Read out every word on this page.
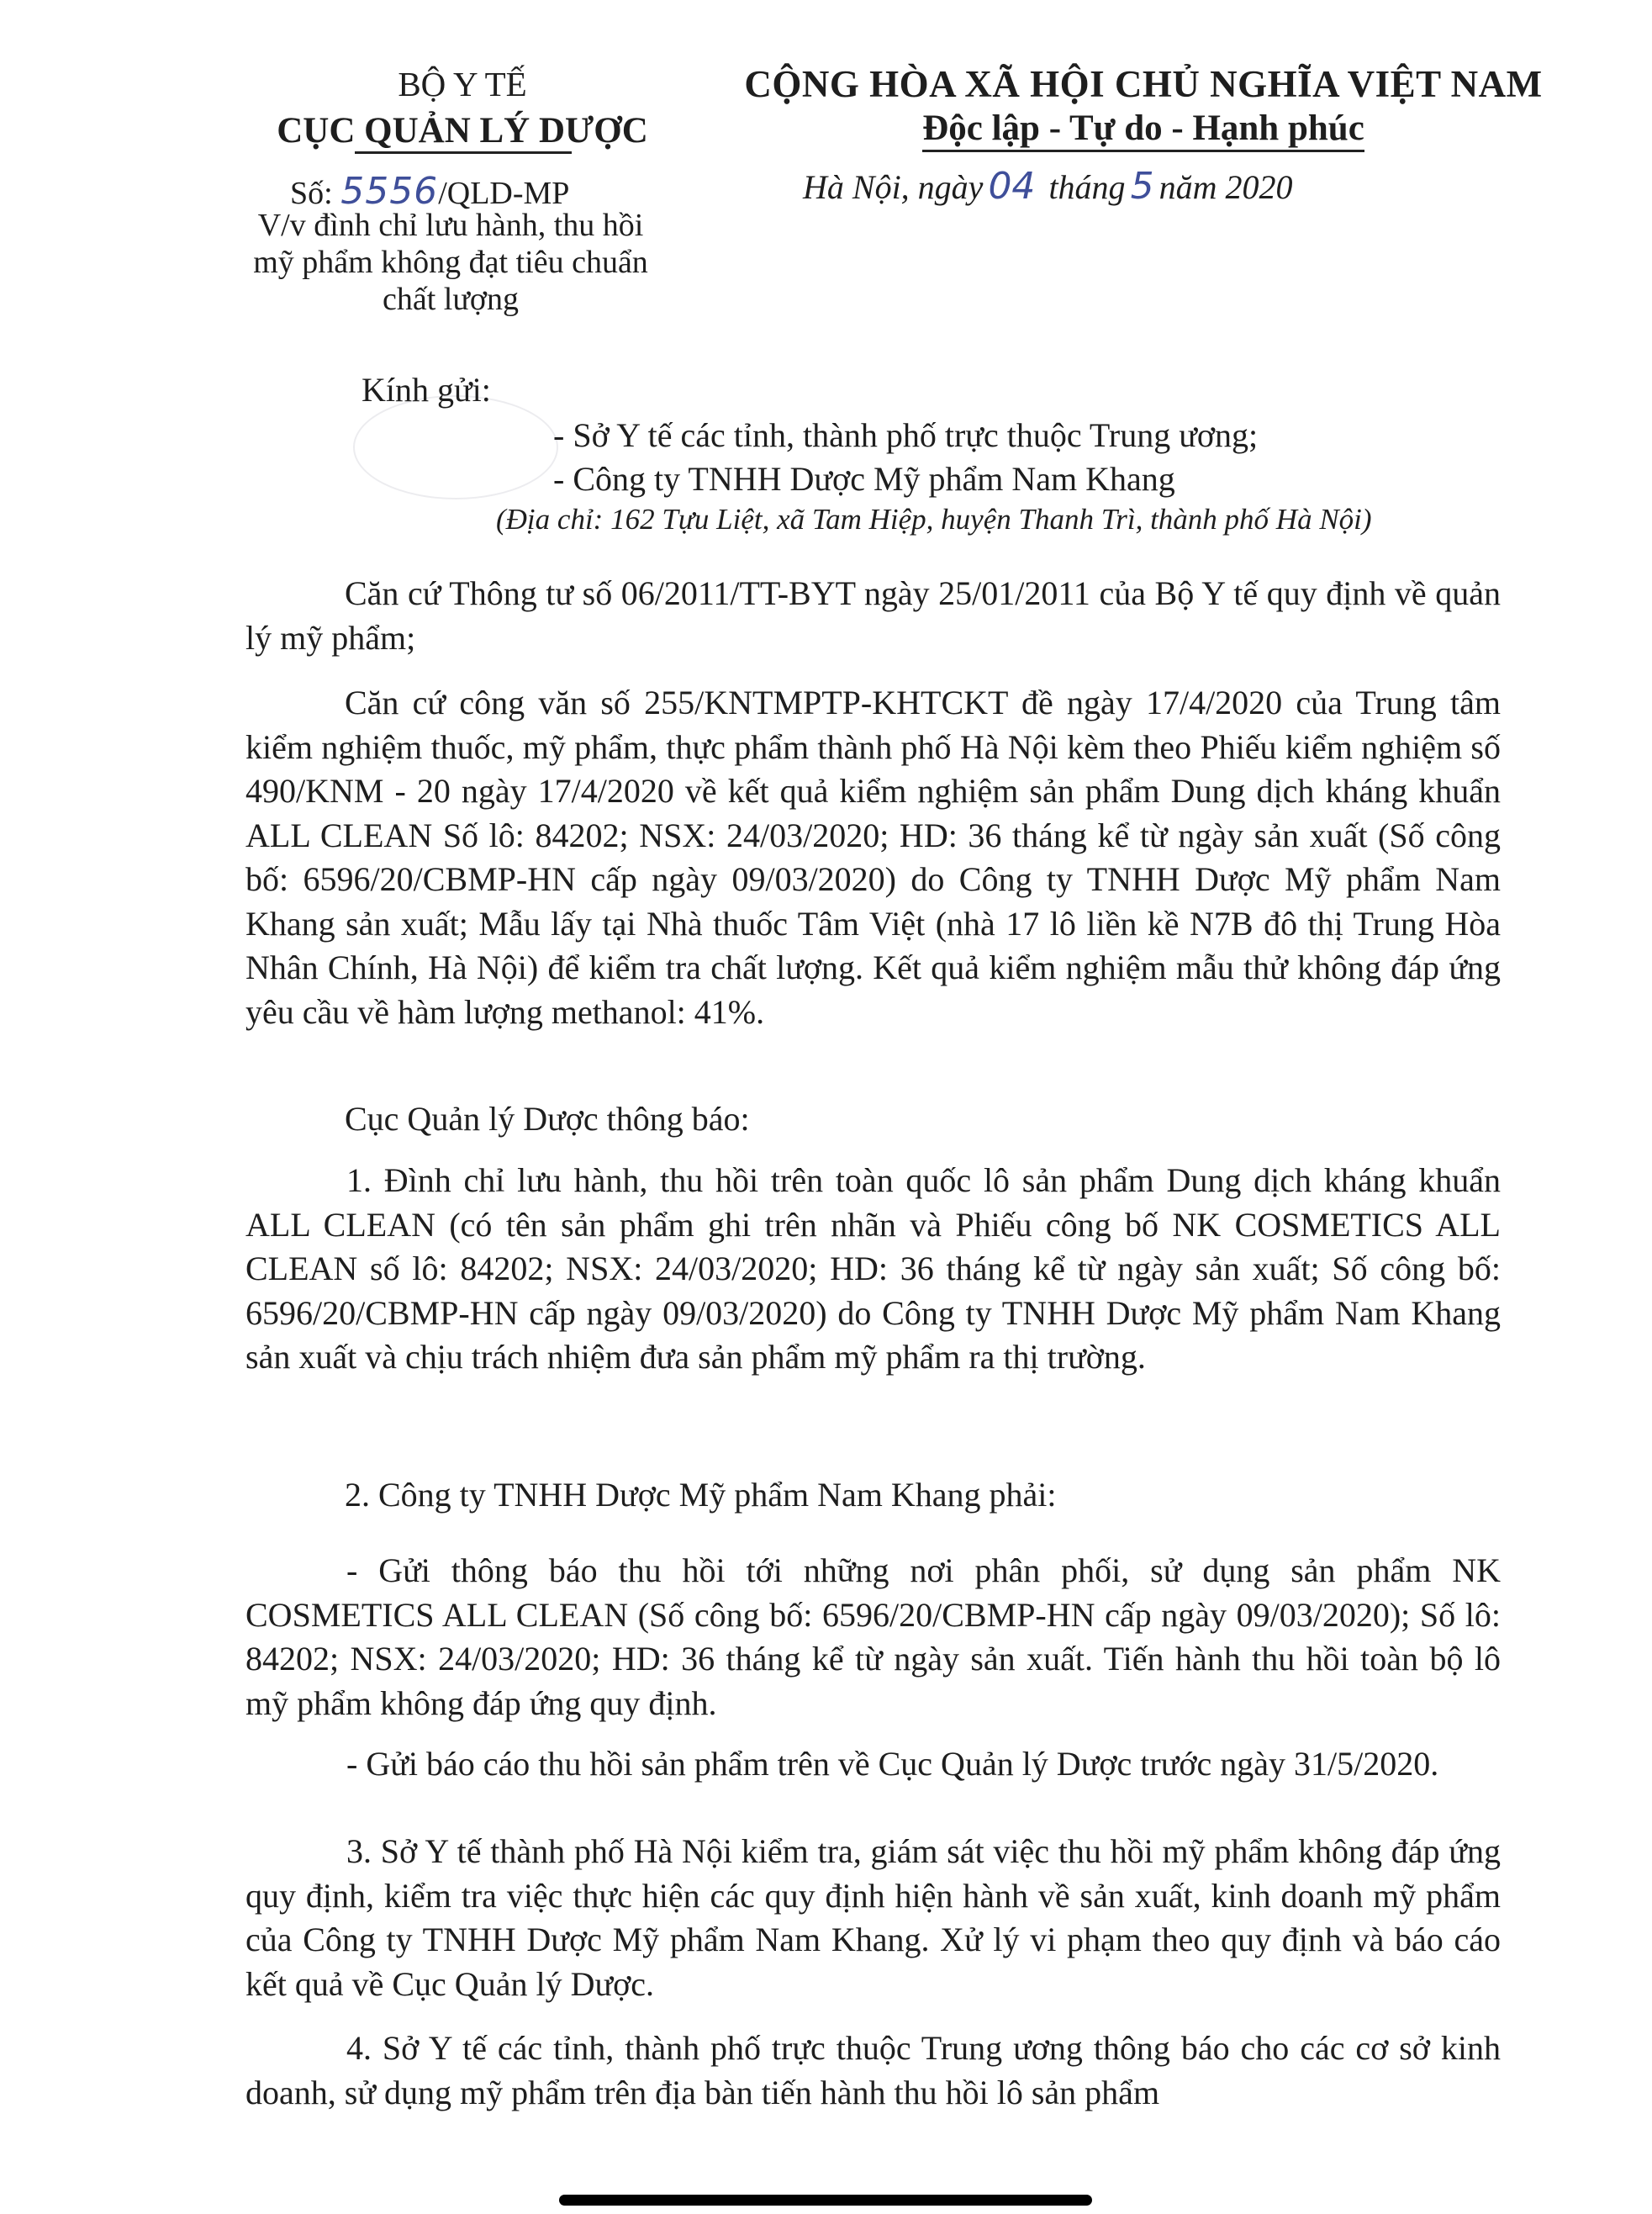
BỘ Y TẾ
CỤC QUẢN LÝ DƯỢC
Số: 5556/QLD-MP
V/v đình chỉ lưu hành, thu hồi
mỹ phẩm không đạt tiêu chuẩn
chất lượng
CỘNG HÒA XÃ HỘI CHỦ NGHĨA VIỆT NAM
Độc lập - Tự do - Hạnh phúc
Hà Nội, ngày 04 tháng 5 năm 2020
Kính gửi:
- Sở Y tế các tỉnh, thành phố trực thuộc Trung ương;
- Công ty TNHH Dược Mỹ phẩm Nam Khang
(Địa chỉ: 162 Tựu Liệt, xã Tam Hiệp, huyện Thanh Trì, thành phố Hà Nội)
Căn cứ Thông tư số 06/2011/TT-BYT ngày 25/01/2011 của Bộ Y tế quy định về quản lý mỹ phẩm;
Căn cứ công văn số 255/KNTMPTP-KHTCKT đề ngày 17/4/2020 của Trung tâm kiểm nghiệm thuốc, mỹ phẩm, thực phẩm thành phố Hà Nội kèm theo Phiếu kiểm nghiệm số 490/KNM - 20 ngày 17/4/2020 về kết quả kiểm nghiệm sản phẩm Dung dịch kháng khuẩn ALL CLEAN Số lô: 84202; NSX: 24/03/2020; HD: 36 tháng kể từ ngày sản xuất (Số công bố: 6596/20/CBMP-HN cấp ngày 09/03/2020) do Công ty TNHH Dược Mỹ phẩm Nam Khang sản xuất; Mẫu lấy tại Nhà thuốc Tâm Việt (nhà 17 lô liền kề N7B đô thị Trung Hòa Nhân Chính, Hà Nội) để kiểm tra chất lượng. Kết quả kiểm nghiệm mẫu thử không đáp ứng yêu cầu về hàm lượng methanol: 41%.
Cục Quản lý Dược thông báo:
1. Đình chỉ lưu hành, thu hồi trên toàn quốc lô sản phẩm Dung dịch kháng khuẩn ALL CLEAN (có tên sản phẩm ghi trên nhãn và Phiếu công bố NK COSMETICS ALL CLEAN số lô: 84202; NSX: 24/03/2020; HD: 36 tháng kể từ ngày sản xuất; Số công bố: 6596/20/CBMP-HN cấp ngày 09/03/2020) do Công ty TNHH Dược Mỹ phẩm Nam Khang sản xuất và chịu trách nhiệm đưa sản phẩm mỹ phẩm ra thị trường.
2. Công ty TNHH Dược Mỹ phẩm Nam Khang phải:
- Gửi thông báo thu hồi tới những nơi phân phối, sử dụng sản phẩm NK COSMETICS ALL CLEAN (Số công bố: 6596/20/CBMP-HN cấp ngày 09/03/2020); Số lô: 84202; NSX: 24/03/2020; HD: 36 tháng kể từ ngày sản xuất. Tiến hành thu hồi toàn bộ lô mỹ phẩm không đáp ứng quy định.
- Gửi báo cáo thu hồi sản phẩm trên về Cục Quản lý Dược trước ngày 31/5/2020.
3. Sở Y tế thành phố Hà Nội kiểm tra, giám sát việc thu hồi mỹ phẩm không đáp ứng quy định, kiểm tra việc thực hiện các quy định hiện hành về sản xuất, kinh doanh mỹ phẩm của Công ty TNHH Dược Mỹ phẩm Nam Khang. Xử lý vi phạm theo quy định và báo cáo kết quả về Cục Quản lý Dược.
4. Sở Y tế các tỉnh, thành phố trực thuộc Trung ương thông báo cho các cơ sở kinh doanh, sử dụng mỹ phẩm trên địa bàn tiến hành thu hồi lô sản phẩm
